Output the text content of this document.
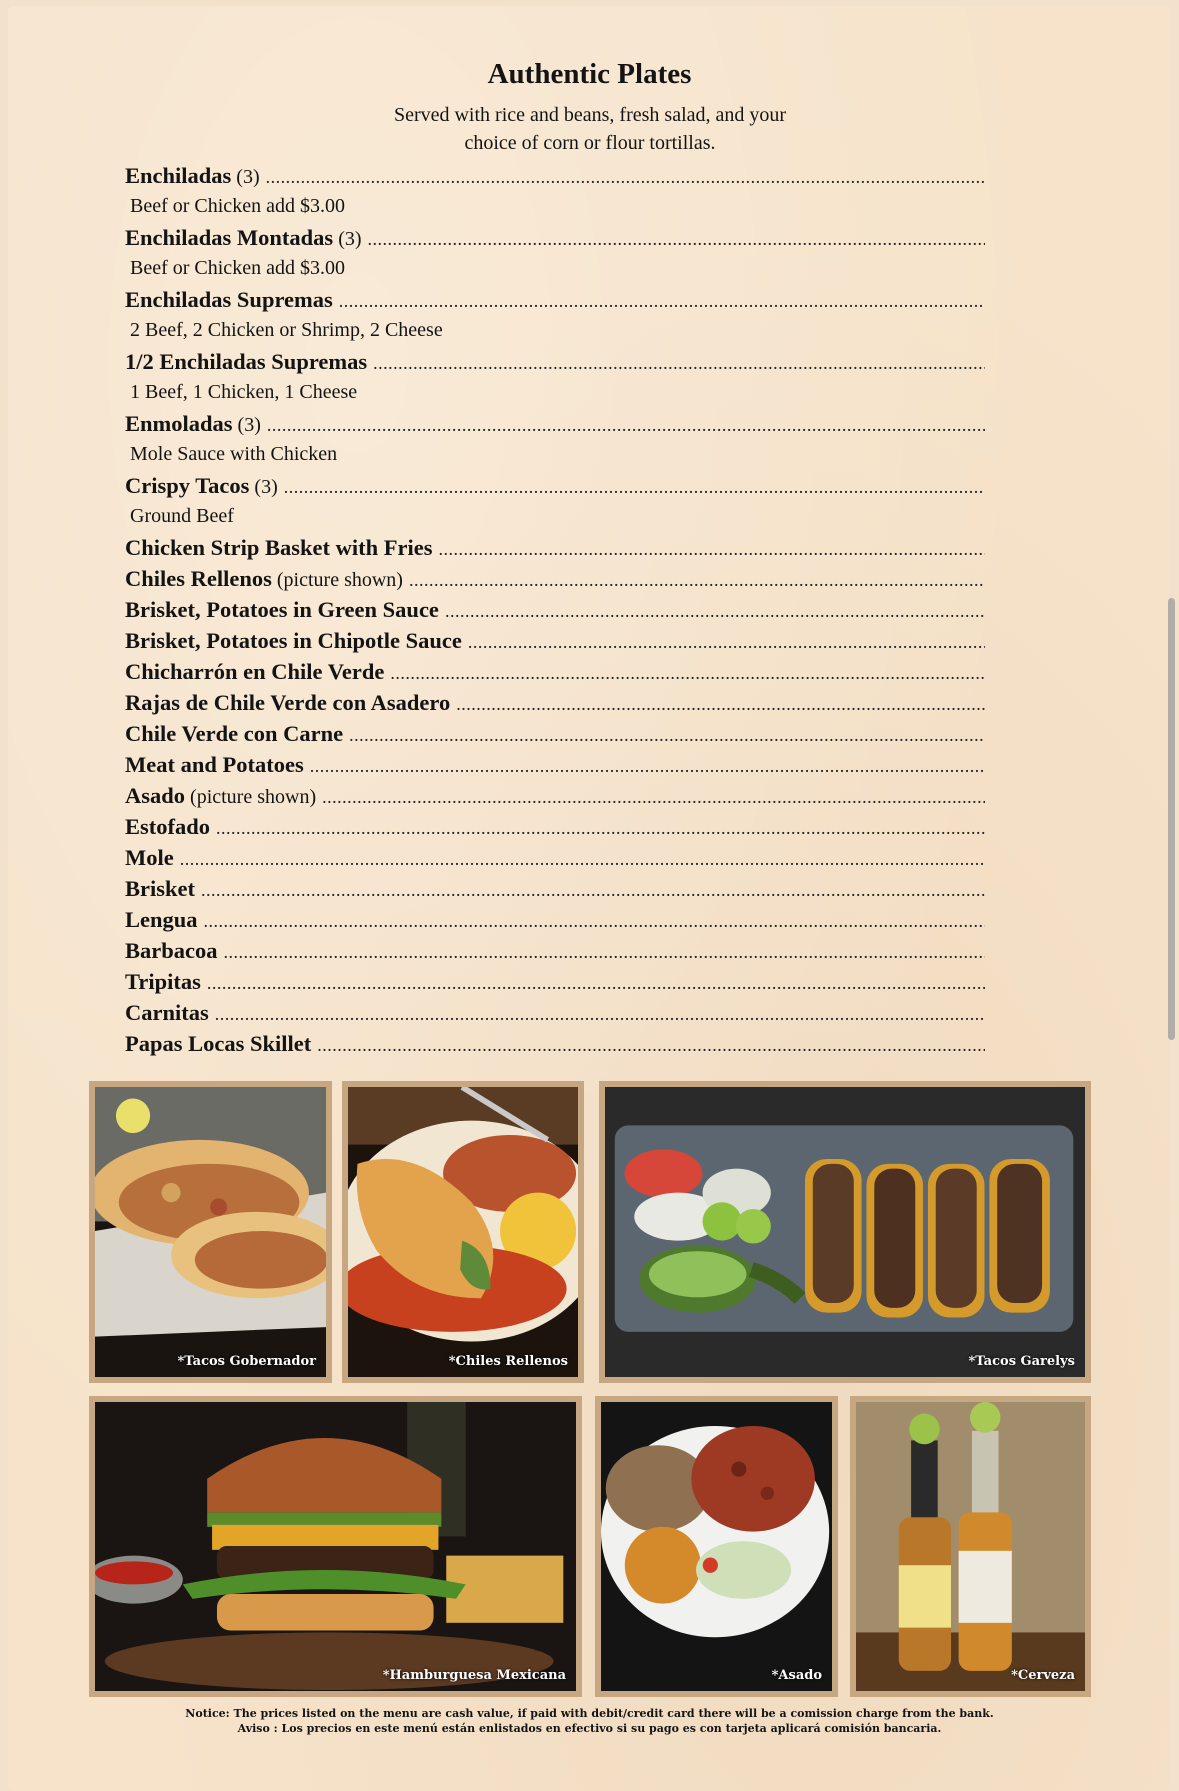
Authentic Plates
Served with rice and beans, fresh salad, and your
choice of corn or flour tortillas.
Enchiladas (3)
.....
Beef or Chicken add $3.00
Enchiladas Montadas (3)
.....
Beef or Chicken add $3.00
Enchiladas Supremas
.....
2 Beef, 2 Chicken or Shrimp, 2 Cheese
1/2 Enchiladas Supremas
.....
1 Beef, 1 Chicken, 1 Cheese
Enmoladas (3)
.....
Mole Sauce with Chicken
Crispy Tacos (3)
.....
Ground Beef
Chicken Strip Basket with Fries
.....
Chiles Rellenos (picture shown)
.....
Brisket, Potatoes in Green Sauce
.....
Brisket, Potatoes in Chipotle Sauce
.....
Chicharrón en Chile Verde
.....
Rajas de Chile Verde con Asadero
.....
Chile Verde con Carne
.....
Meat and Potatoes
.....
Asado (picture shown)
.....
Estofado
.....
Mole
.....
Brisket
.....
Lengua
.....
Barbacoa
.....
Tripitas
.....
Carnitas
.....
Papas Locas Skillet
.....
*Tacos Gobernador	*Chiles Rellenos	*Tacos Garelys
*Hamburguesa Mexicana	*Asado	*Cerveza
Notice: The prices listed on the menu are cash value, if paid with debit/credit card there will be a comission charge from the bank.
Aviso : Los precios en este menú están enlistados en efectivo si su pago es con tarjeta aplicará comisión bancaria.
